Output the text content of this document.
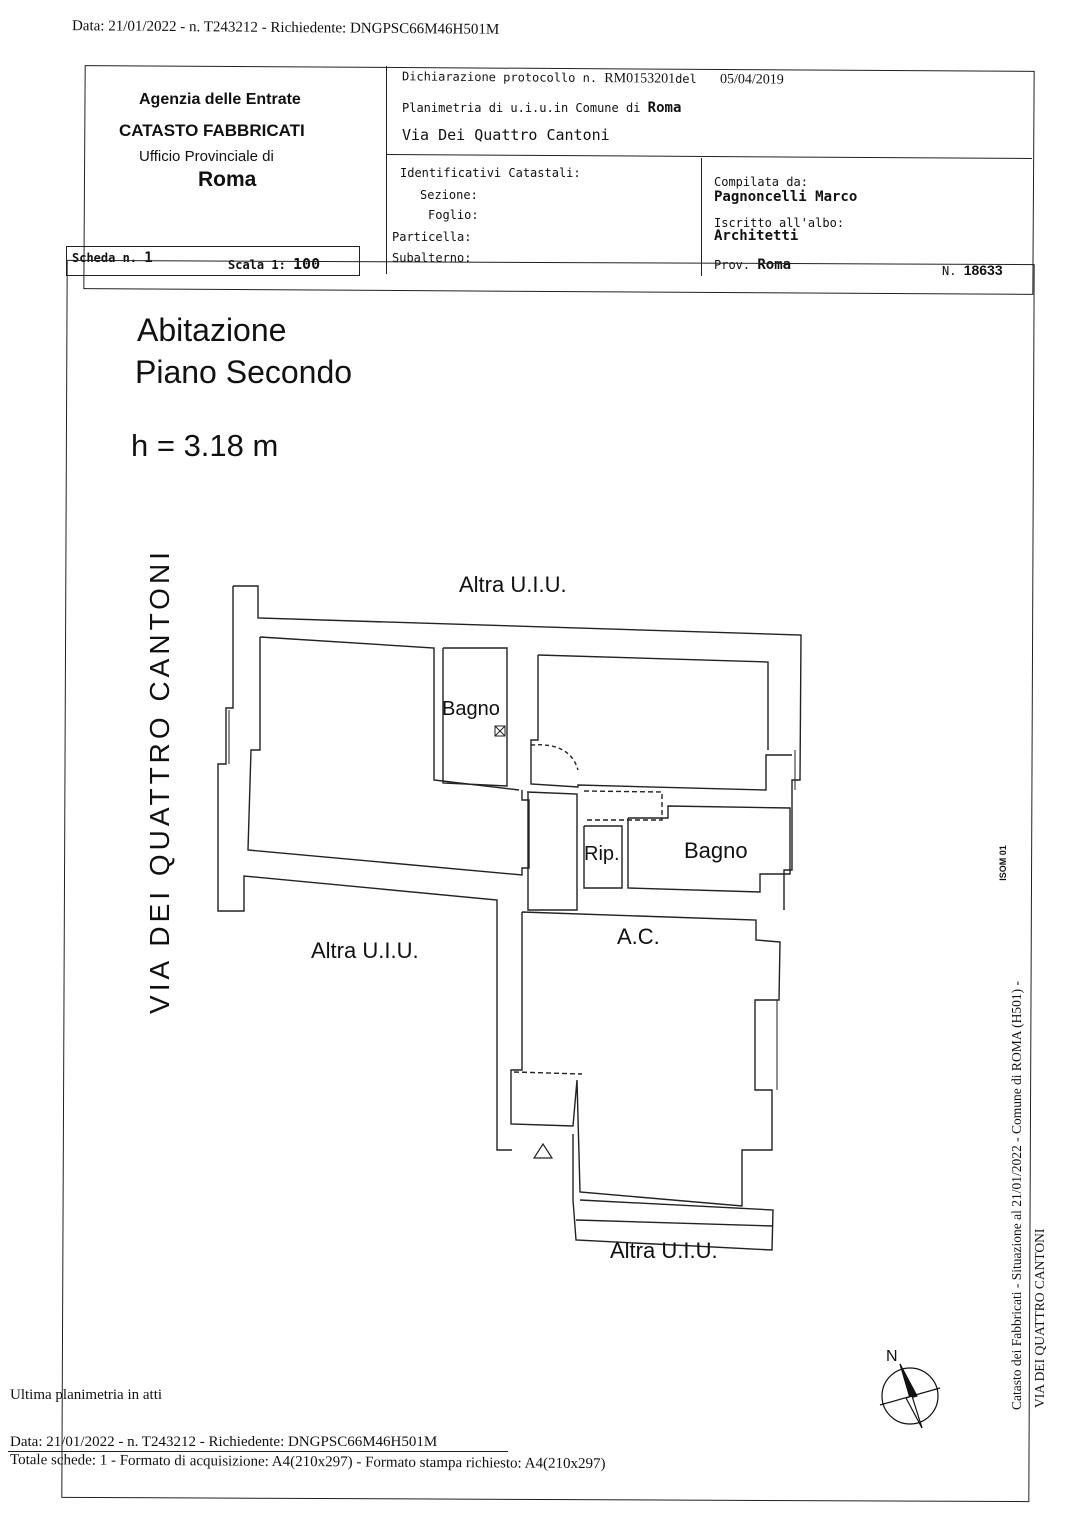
Data: 21/01/2022 - n. T243212 - Richiedente: DNGPSC66M46H501M
Agenzia delle Entrate
CATASTO FABBRICATI
Ufficio Provinciale di
Roma
Dichiarazione protocollo n. RM0153201del 05/04/2019
Planimetria di u.i.u.in Comune di Roma
Via Dei Quattro Cantoni
Identificativi Catastali:
Sezione:
Foglio:
Particella:
Subalterno:
Compilata da:
Pagnoncelli Marco
Iscritto all'albo:
Architetti
Prov. Roma	N. 18633
Scheda n. 1	Scala 1: 100
Abitazione
Piano Secondo
h = 3.18 m
VIA DEI QUATTRO CANTONI	Altra U.I.U.
Bagno
Rip.	Bagno
A.C.
Altra U.I.U.
Altra U.I.U.
N	Catasto dei Fabbricati - Situazione al 21/01/2022 - Comune di ROMA (H501) - VIA DEI QUATTRO CANTONI
ISOM 01
Ultima planimetria in atti
Data: 21/01/2022 - n. T243212 - Richiedente: DNGPSC66M46H501M
Totale schede: 1 - Formato di acquisizione: A4(210x297) - Formato stampa richiesto: A4(210x297)
